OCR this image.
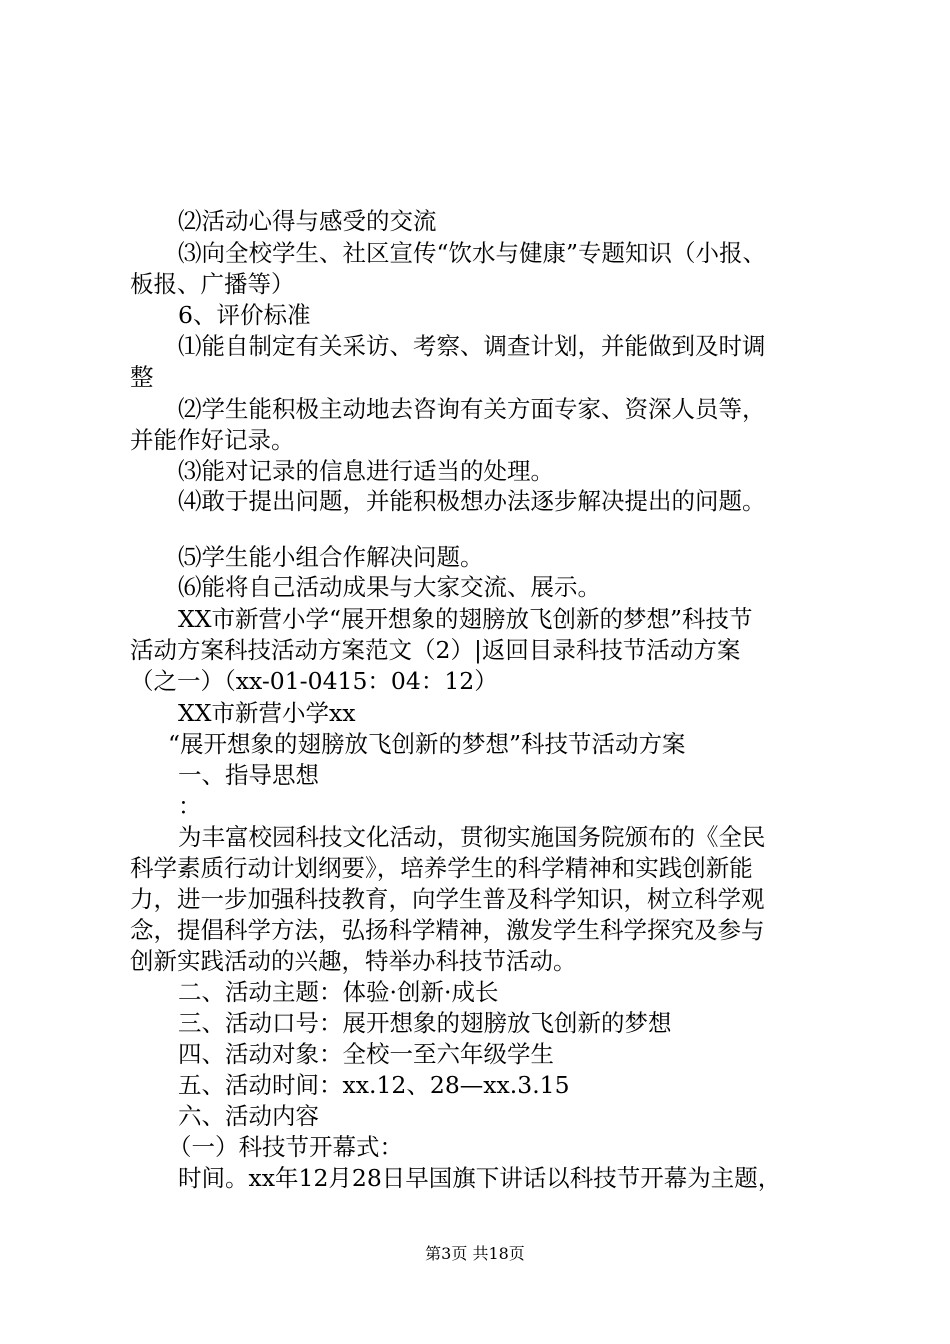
⑵活动心得与感受的交流
⑶向全校学生、社区宣传“饮水与健康”专题知识（小报、
板报、广播等）
6、评价标准
⑴能自制定有关采访、考察、调查计划，并能做到及时调
整
⑵学生能积极主动地去咨询有关方面专家、资深人员等，
并能作好记录。
⑶能对记录的信息进行适当的处理。
⑷敢于提出问题，并能积极想办法逐步解决提出的问题。
⑸学生能小组合作解决问题。
⑹能将自己活动成果与大家交流、展示。
XX市新营小学“展开想象的翅膀放飞创新的梦想”科技节
活动方案科技活动方案范文（2）|返回目录科技节活动方案
（之一）（xx-01-0415：04：12）
XX市新营小学xx
“展开想象的翅膀放飞创新的梦想”科技节活动方案
一、指导思想
：
为丰富校园科技文化活动，贯彻实施国务院颁布的《全民
科学素质行动计划纲要》，培养学生的科学精神和实践创新能
力，进一步加强科技教育，向学生普及科学知识，树立科学观
念，提倡科学方法，弘扬科学精神，激发学生科学探究及参与
创新实践活动的兴趣，特举办科技节活动。
二、活动主题：体验·创新·成长
三、活动口号：展开想象的翅膀放飞创新的梦想
四、活动对象：全校一至六年级学生
五、活动时间：xx.12、28—xx.3.15
六、活动内容
（一）科技节开幕式：
时间。xx年12月28日早国旗下讲话以科技节开幕为主题，
第3页 共18页
